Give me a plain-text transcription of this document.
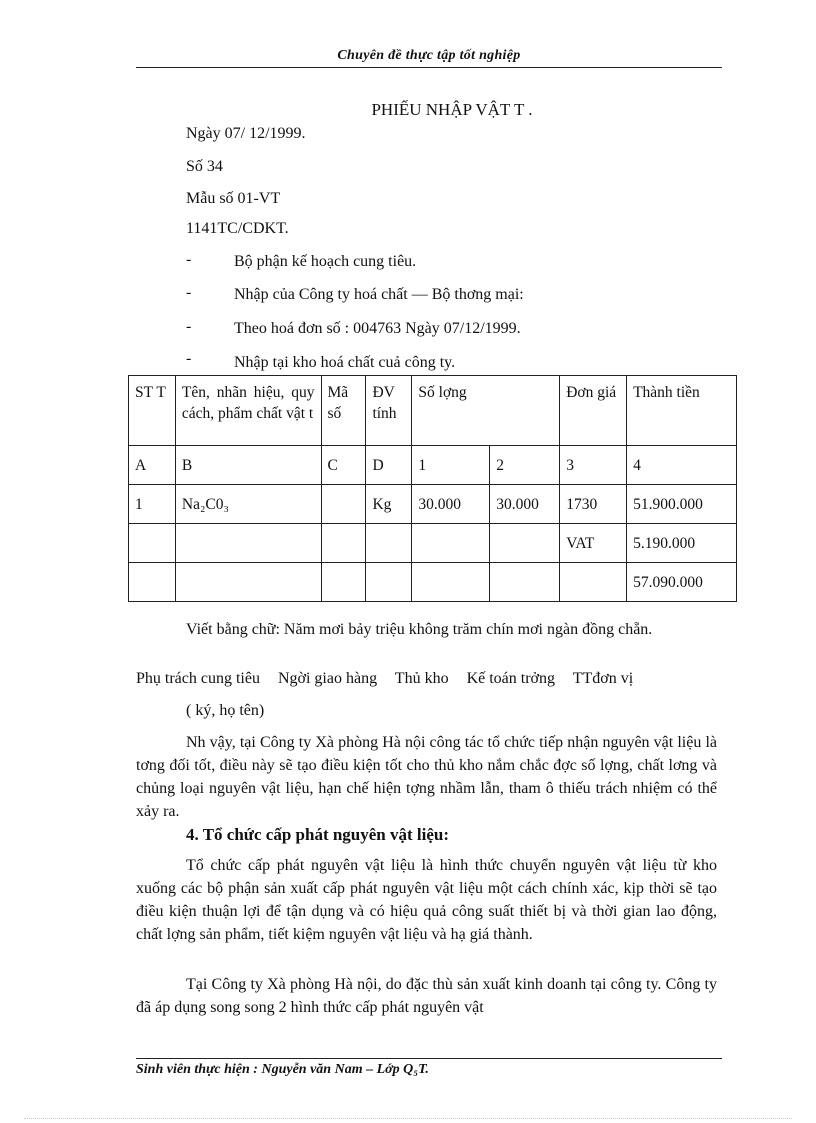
Chuyên đề thực tập tốt nghiệp
PHIẾU NHẬP VẬT T .
Ngày 07/ 12/1999.
Số 34
Mẫu số 01-VT
1141TC/CDKT.
-	Bộ phận kế hoạch cung tiêu.
-	Nhập của Công ty hoá chất — Bộ thơng mại:
-	Theo hoá đơn số : 004763 Ngày 07/12/1999.
-	Nhập tại kho hoá chất cuả công ty.
ST T	Tên, nhãn hiệu, quy cách, phẩm chất vật t	Mã số	ĐV tính	Số lợng		Đơn giá	Thành tiền
A	B	C	D	1	2	3	4
1	Na₂C0₃		Kg	30.000	30.000	1730	51.900.000
						VAT	5.190.000
							57.090.000
Viết bằng chữ: Năm mơi bảy triệu không trăm chín mơi ngàn đồng chẵn.
Phụ trách cung tiêu Ngời giao hàng Thủ kho Kế toán trởng TTđơn vị
( ký, họ tên)
Nh vậy, tại Công ty Xà phòng Hà nội công tác tổ chức tiếp nhận nguyên vật liệu là tơng đối tốt, điều này sẽ tạo điều kiện tốt cho thủ kho nắm chắc đợc số lợng, chất lơng và chủng loại nguyên vật liệu, hạn chế hiện tợng nhầm lẫn, tham ô thiếu trách nhiệm có thể xảy ra.
4. Tổ chức cấp phát nguyên vật liệu:
Tổ chức cấp phát nguyên vật liệu là hình thức chuyển nguyên vật liệu từ kho xuống các bộ phận sản xuất cấp phát nguyên vật liệu một cách chính xác, kịp thời sẽ tạo điều kiện thuận lợi để tận dụng và có hiệu quả công suất thiết bị và thời gian lao động, chất lợng sản phẩm, tiết kiệm nguyên vật liệu và hạ giá thành.
Tại Công ty Xà phòng Hà nội, do đặc thù sản xuất kinh doanh tại công ty. Công ty đã áp dụng song song 2 hình thức cấp phát nguyên vật
Sinh viên thực hiện : Nguyễn văn Nam – Lớp Q₅T.
